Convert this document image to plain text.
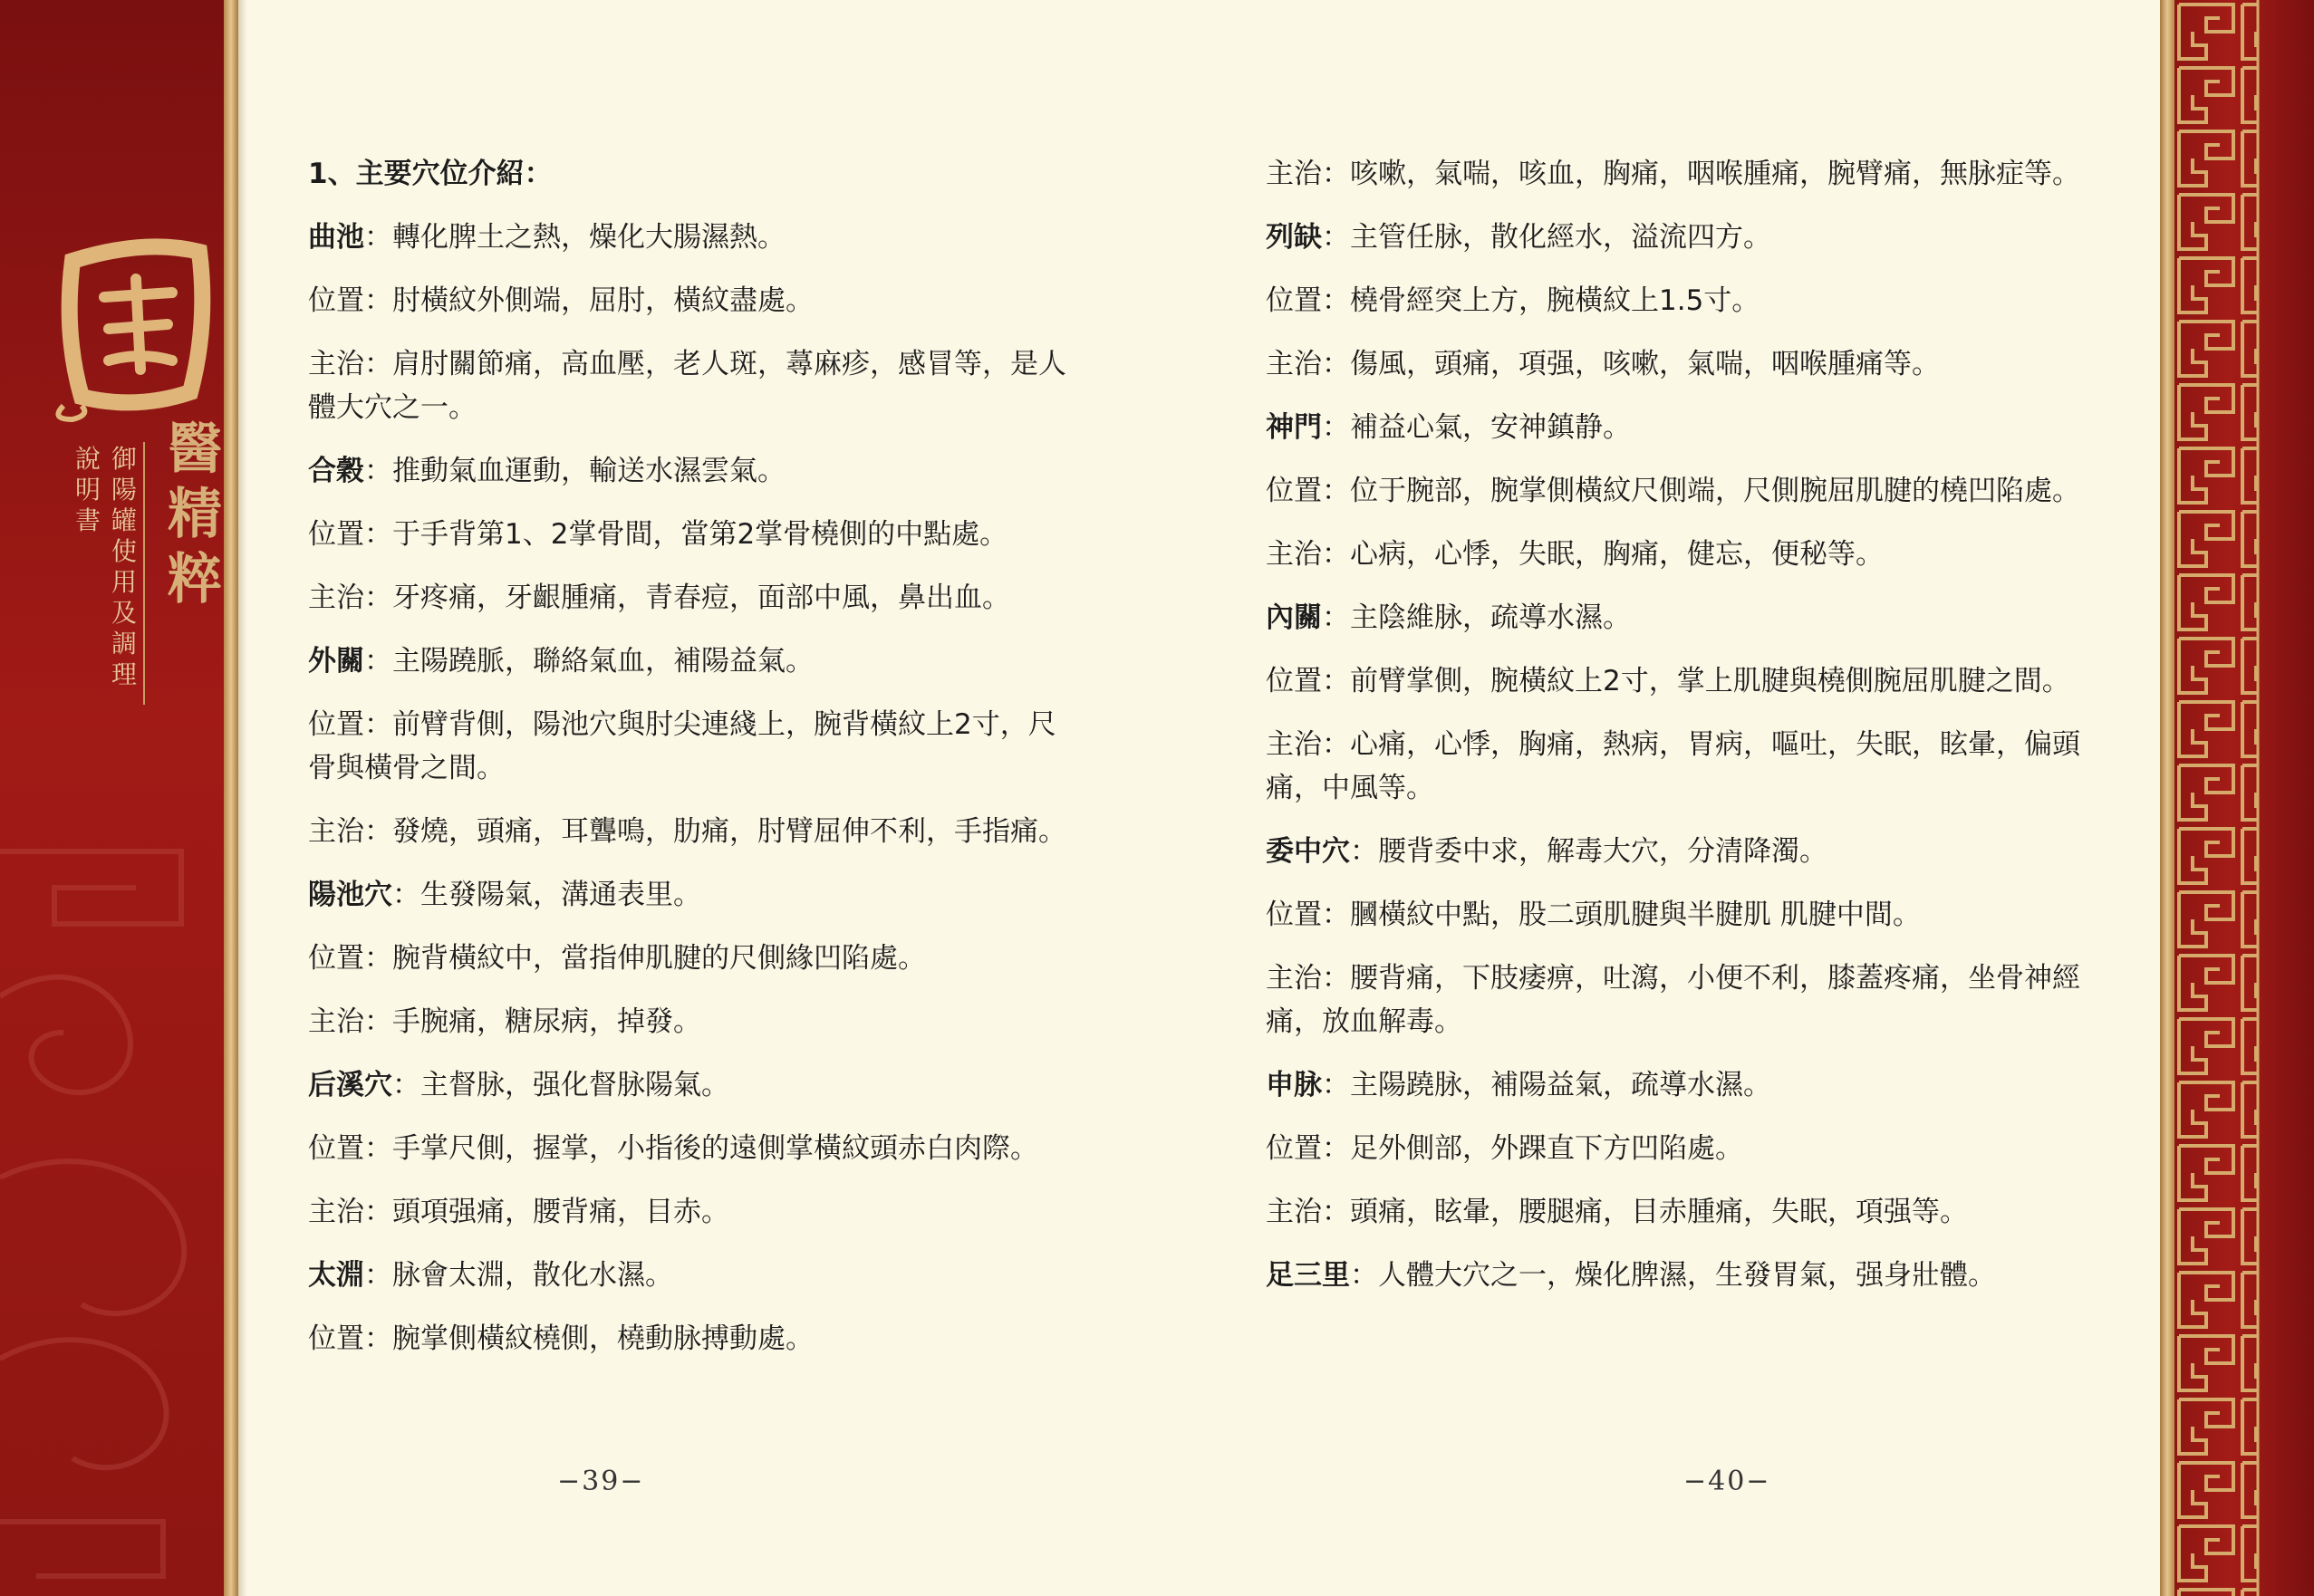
醫
精
粹
說
明
書
御
陽
罐
使
用
及
調
理

1、主要穴位介紹：

曲池：轉化脾土之熱，燥化大腸濕熱。

位置：肘橫紋外側端，屈肘，橫紋盡處。

主治：肩肘關節痛，高血壓，老人斑，蕁麻疹，感冒等，是人體大穴之一。

合穀：推動氣血運動，輸送水濕雲氣。

位置：于手背第1、2掌骨間，當第2掌骨橈側的中點處。

主治：牙疼痛，牙齦腫痛，青春痘，面部中風，鼻出血。

外關：主陽蹺脈，聯絡氣血，補陽益氣。

位置：前臂背側，陽池穴與肘尖連綫上，腕背橫紋上2寸，尺骨與橫骨之間。

主治：發燒，頭痛，耳聾鳴，肋痛，肘臂屈伸不利，手指痛。

陽池穴：生發陽氣，溝通表里。

位置：腕背橫紋中，當指伸肌腱的尺側緣凹陷處。

主治：手腕痛，糖尿病，掉發。

后溪穴：主督脉，强化督脉陽氣。

位置：手掌尺側，握掌，小指後的遠側掌橫紋頭赤白肉際。

主治：頭項强痛，腰背痛，目赤。

太淵：脉會太淵，散化水濕。

位置：腕掌側橫紋橈側，橈動脉搏動處。

−39−

主治：咳嗽，氣喘，咳血，胸痛，咽喉腫痛，腕臂痛，無脉症等。

列缺：主管任脉，散化經水，溢流四方。

位置：橈骨經突上方，腕橫紋上1.5寸。

主治：傷風，頭痛，項强，咳嗽，氣喘，咽喉腫痛等。

神門：補益心氣，安神鎮静。

位置：位于腕部，腕掌側橫紋尺側端，尺側腕屈肌腱的橈凹陷處。

主治：心病，心悸，失眠，胸痛，健忘，便秘等。

內關：主陰維脉，疏導水濕。

位置：前臂掌側，腕橫紋上2寸，掌上肌腱與橈側腕屈肌腱之間。

主治：心痛，心悸，胸痛，熱病，胃病，嘔吐，失眠，眩暈，偏頭痛，中風等。

委中穴：腰背委中求，解毒大穴，分清降濁。

位置：膕橫紋中點，股二頭肌腱與半腱肌 肌腱中間。

主治：腰背痛，下肢痿痹，吐瀉，小便不利，膝蓋疼痛，坐骨神經痛，放血解毒。

申脉：主陽蹺脉，補陽益氣，疏導水濕。

位置：足外側部，外踝直下方凹陷處。

主治：頭痛，眩暈，腰腿痛，目赤腫痛，失眠，項强等。

足三里：人體大穴之一，燥化脾濕，生發胃氣，强身壯體。

−40−
